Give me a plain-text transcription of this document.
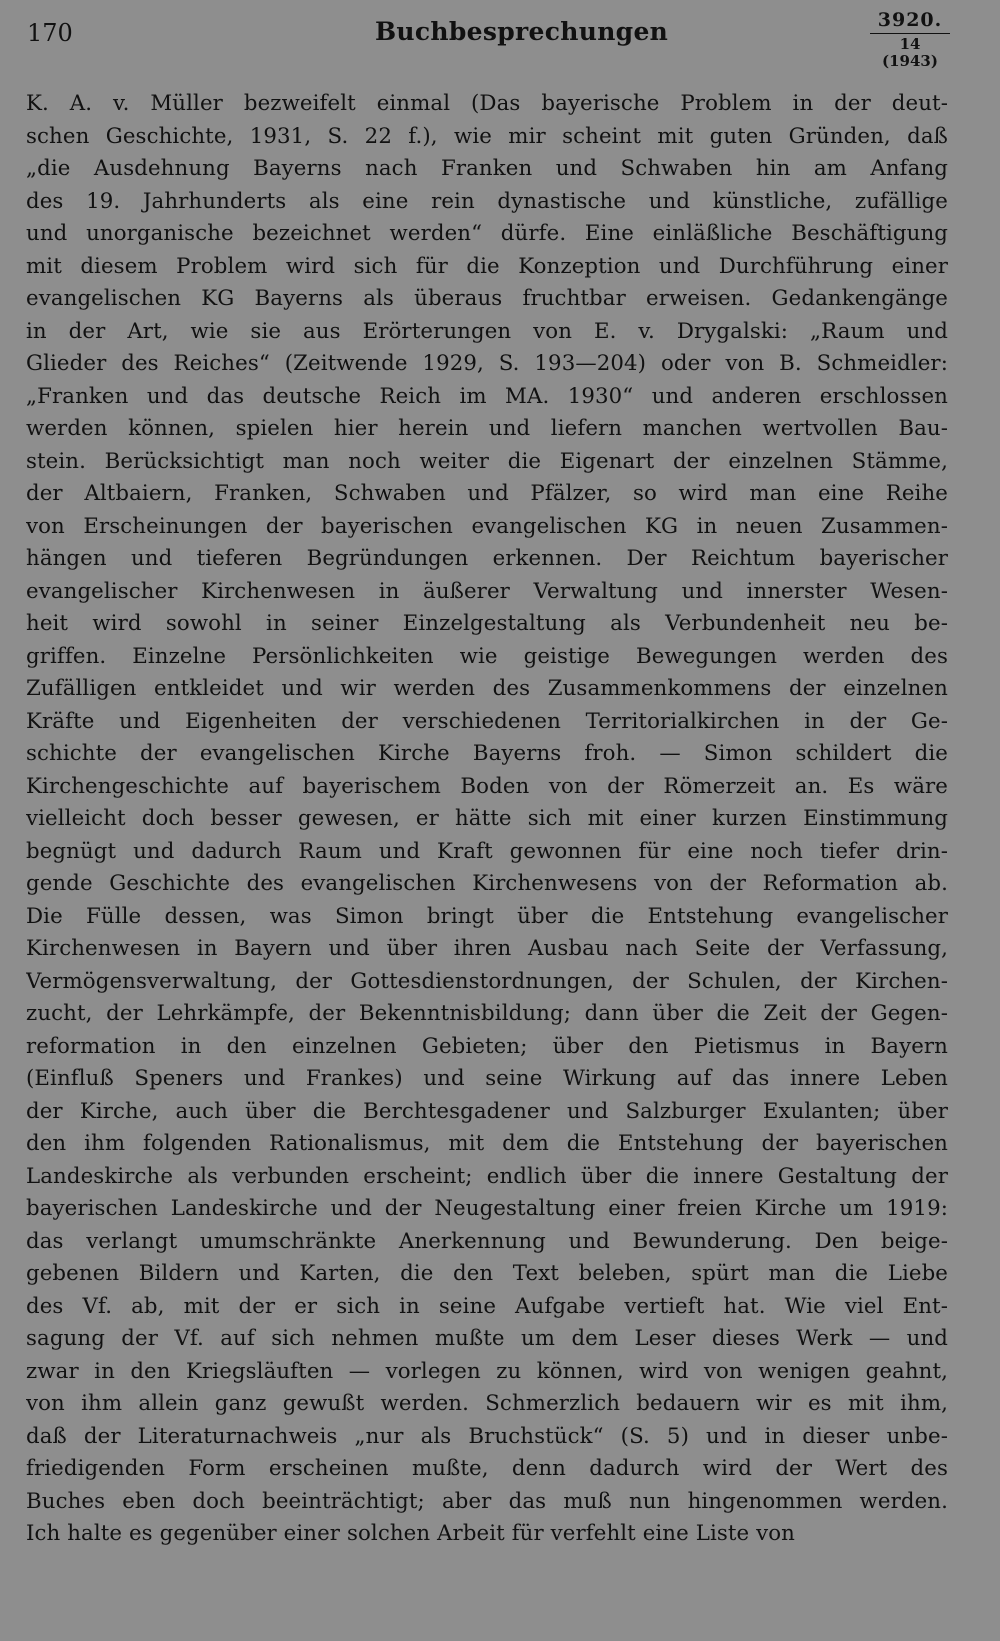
170	Buchbesprechungen	3920.
14 (1943)
K. A. v. Müller bezweifelt einmal (Das bayerische Problem in der deut-
schen Geschichte, 1931, S. 22 f.), wie mir scheint mit guten Gründen, daß
„die Ausdehnung Bayerns nach Franken und Schwaben hin am Anfang
des 19. Jahrhunderts als eine rein dynastische und künstliche, zufällige
und unorganische bezeichnet werden“ dürfe. Eine einläßliche Beschäftigung
mit diesem Problem wird sich für die Konzeption und Durchführung einer
evangelischen KG Bayerns als überaus fruchtbar erweisen. Gedankengänge
in der Art, wie sie aus Erörterungen von E. v. Drygalski: „Raum und
Glieder des Reiches“ (Zeitwende 1929, S. 193—204) oder von B. Schmeidler:
„Franken und das deutsche Reich im MA. 1930“ und anderen erschlossen
werden können, spielen hier herein und liefern manchen wertvollen Bau-
stein. Berücksichtigt man noch weiter die Eigenart der einzelnen Stämme,
der Altbaiern, Franken, Schwaben und Pfälzer, so wird man eine Reihe
von Erscheinungen der bayerischen evangelischen KG in neuen Zusammen-
hängen und tieferen Begründungen erkennen. Der Reichtum bayerischer
evangelischer Kirchenwesen in äußerer Verwaltung und innerster Wesen-
heit wird sowohl in seiner Einzelgestaltung als Verbundenheit neu be-
griffen. Einzelne Persönlichkeiten wie geistige Bewegungen werden des
Zufälligen entkleidet und wir werden des Zusammenkommens der einzelnen
Kräfte und Eigenheiten der verschiedenen Territorialkirchen in der Ge-
schichte der evangelischen Kirche Bayerns froh. — Simon schildert die
Kirchengeschichte auf bayerischem Boden von der Römerzeit an. Es wäre
vielleicht doch besser gewesen, er hätte sich mit einer kurzen Einstimmung
begnügt und dadurch Raum und Kraft gewonnen für eine noch tiefer drin-
gende Geschichte des evangelischen Kirchenwesens von der Reformation ab.
Die Fülle dessen, was Simon bringt über die Entstehung evangelischer
Kirchenwesen in Bayern und über ihren Ausbau nach Seite der Verfassung,
Vermögensverwaltung, der Gottesdienstordnungen, der Schulen, der Kirchen-
zucht, der Lehrkämpfe, der Bekenntnisbildung; dann über die Zeit der Gegen-
reformation in den einzelnen Gebieten; über den Pietismus in Bayern
(Einfluß Speners und Frankes) und seine Wirkung auf das innere Leben
der Kirche, auch über die Berchtesgadener und Salzburger Exulanten; über
den ihm folgenden Rationalismus, mit dem die Entstehung der bayerischen
Landeskirche als verbunden erscheint; endlich über die innere Gestaltung der
bayerischen Landeskirche und der Neugestaltung einer freien Kirche um 1919:
das verlangt umumschränkte Anerkennung und Bewunderung. Den beige-
gebenen Bildern und Karten, die den Text beleben, spürt man die Liebe
des Vf. ab, mit der er sich in seine Aufgabe vertieft hat. Wie viel Ent-
sagung der Vf. auf sich nehmen mußte um dem Leser dieses Werk — und
zwar in den Kriegsläuften — vorlegen zu können, wird von wenigen geahnt,
von ihm allein ganz gewußt werden. Schmerzlich bedauern wir es mit ihm,
daß der Literaturnachweis „nur als Bruchstück“ (S. 5) und in dieser unbe-
friedigenden Form erscheinen mußte, denn dadurch wird der Wert des
Buches eben doch beeinträchtigt; aber das muß nun hingenommen werden.
Ich halte es gegenüber einer solchen Arbeit für verfehlt eine Liste von
